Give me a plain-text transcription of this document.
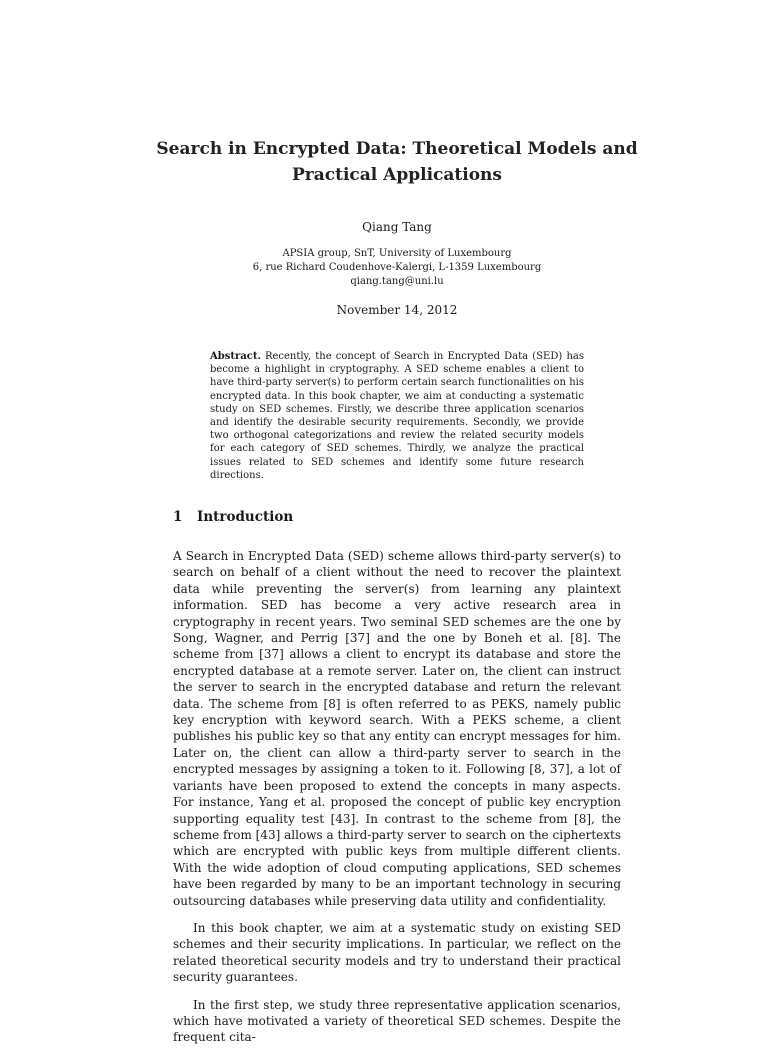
Search in Encrypted Data: Theoretical Models and Practical Applications
Qiang Tang
APSIA group, SnT, University of Luxembourg
6, rue Richard Coudenhove-Kalergi, L-1359 Luxembourg
qiang.tang@uni.lu
November 14, 2012
Abstract. Recently, the concept of Search in Encrypted Data (SED) has become a highlight in cryptography. A SED scheme enables a client to have third-party server(s) to perform certain search functionalities on his encrypted data. In this book chapter, we aim at conducting a systematic study on SED schemes. Firstly, we describe three application scenarios and identify the desirable security requirements. Secondly, we provide two orthogonal categorizations and review the related security models for each category of SED schemes. Thirdly, we analyze the practical issues related to SED schemes and identify some future research directions.
1 Introduction

A Search in Encrypted Data (SED) scheme allows third-party server(s) to search on behalf of a client without the need to recover the plaintext data while preventing the server(s) from learning any plaintext information. SED has become a very active research area in cryptography in recent years. Two seminal SED schemes are the one by Song, Wagner, and Perrig [37] and the one by Boneh et al. [8]. The scheme from [37] allows a client to encrypt its database and store the encrypted database at a remote server. Later on, the client can instruct the server to search in the encrypted database and return the relevant data. The scheme from [8] is often referred to as PEKS, namely public key encryption with keyword search. With a PEKS scheme, a client publishes his public key so that any entity can encrypt messages for him. Later on, the client can allow a third-party server to search in the encrypted messages by assigning a token to it. Following [8, 37], a lot of variants have been proposed to extend the concepts in many aspects. For instance, Yang et al. proposed the concept of public key encryption supporting equality test [43]. In contrast to the scheme from [8], the scheme from [43] allows a third-party server to search on the ciphertexts which are encrypted with public keys from multiple different clients. With the wide adoption of cloud computing applications, SED schemes have been regarded by many to be an important technology in securing outsourcing databases while preserving data utility and confidentiality.

In this book chapter, we aim at a systematic study on existing SED schemes and their security implications. In particular, we reflect on the related theoretical security models and try to understand their practical security guarantees.

In the first step, we study three representative application scenarios, which have motivated a variety of theoretical SED schemes. Despite the frequent cita-
